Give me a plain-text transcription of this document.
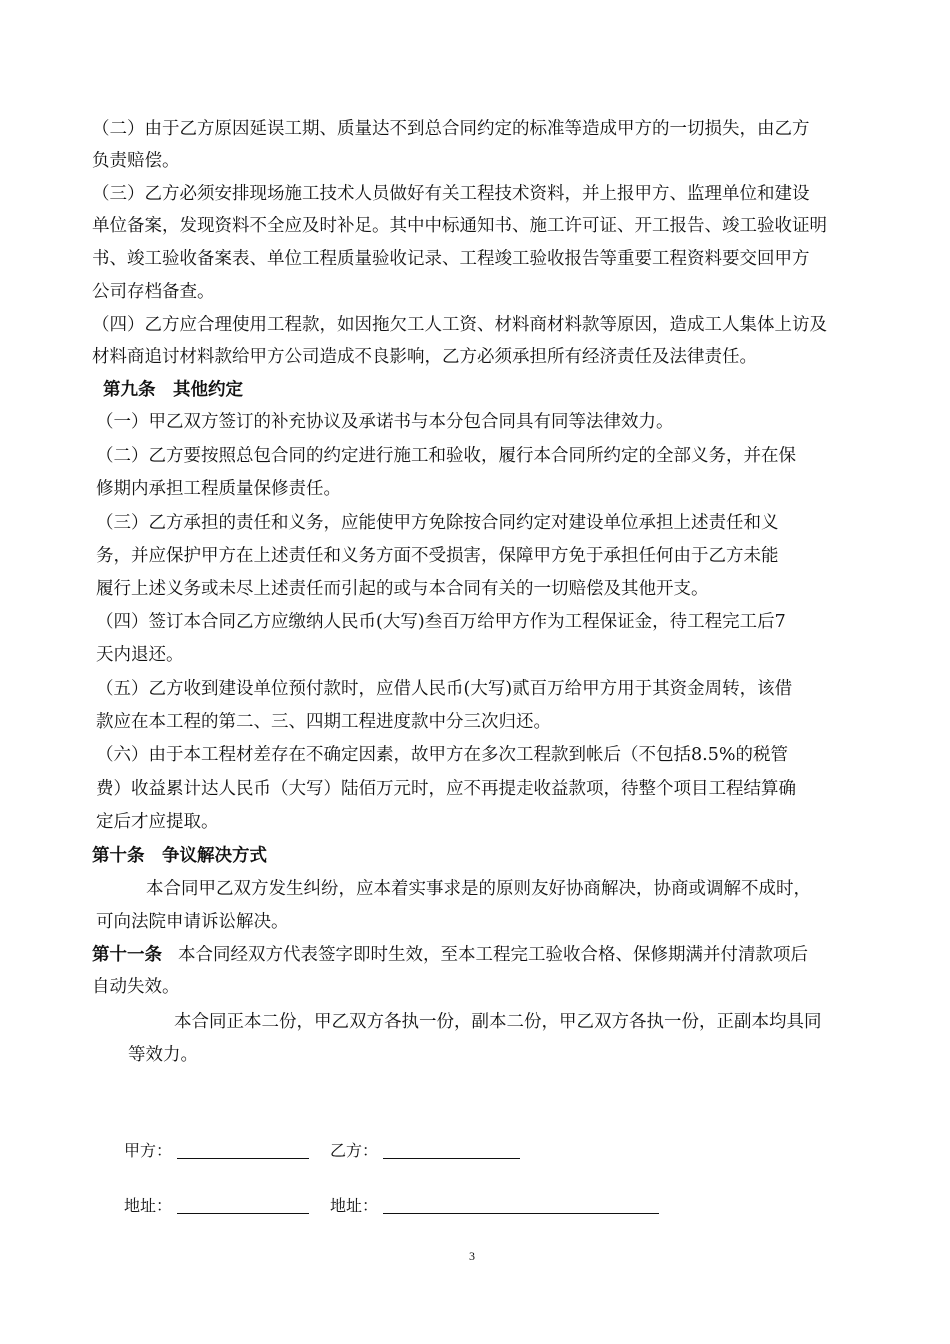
（二）由于乙方原因延误工期、质量达不到总合同约定的标准等造成甲方的一切损失，由乙方
负责赔偿。
（三）乙方必须安排现场施工技术人员做好有关工程技术资料，并上报甲方、监理单位和建设
单位备案，发现资料不全应及时补足。其中中标通知书、施工许可证、开工报告、竣工验收证明
书、竣工验收备案表、单位工程质量验收记录、工程竣工验收报告等重要工程资料要交回甲方
公司存档备查。
（四）乙方应合理使用工程款，如因拖欠工人工资、材料商材料款等原因，造成工人集体上访及
材料商追讨材料款给甲方公司造成不良影响，乙方必须承担所有经济责任及法律责任。
第九条　其他约定
（一）甲乙双方签订的补充协议及承诺书与本分包合同具有同等法律效力。
（二）乙方要按照总包合同的约定进行施工和验收，履行本合同所约定的全部义务，并在保
修期内承担工程质量保修责任。
（三）乙方承担的责任和义务，应能使甲方免除按合同约定对建设单位承担上述责任和义
务，并应保护甲方在上述责任和义务方面不受损害，保障甲方免于承担任何由于乙方未能
履行上述义务或未尽上述责任而引起的或与本合同有关的一切赔偿及其他开支。
（四）签订本合同乙方应缴纳人民币(大写)叁百万给甲方作为工程保证金，待工程完工后7
天内退还。
（五）乙方收到建设单位预付款时，应借人民币(大写)贰百万给甲方用于其资金周转，该借
款应在本工程的第二、三、四期工程进度款中分三次归还。
（六）由于本工程材差存在不确定因素，故甲方在多次工程款到帐后（不包括8.5%的税管
费）收益累计达人民币（大写）陆佰万元时，应不再提走收益款项，待整个项目工程结算确
定后才应提取。
第十条　争议解决方式
本合同甲乙双方发生纠纷，应本着实事求是的原则友好协商解决，协商或调解不成时，
可向法院申请诉讼解决。
第十一条 本合同经双方代表签字即时生效，至本工程完工验收合格、保修期满并付清款项后
自动失效。
本合同正本二份，甲乙双方各执一份，副本二份，甲乙双方各执一份，正副本均具同
等效力。
甲方：	乙方：
地址：	地址：
3
